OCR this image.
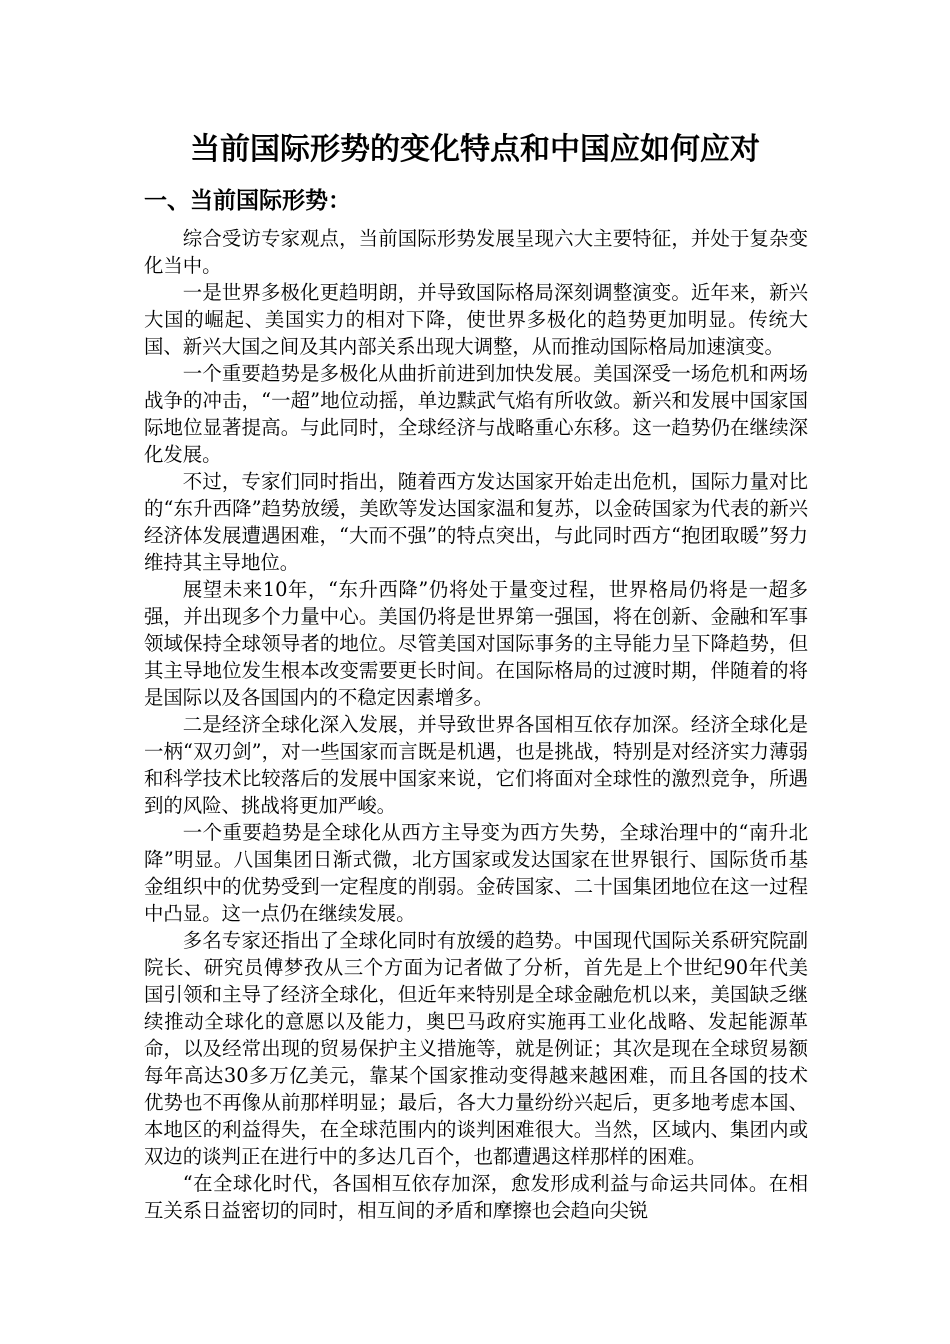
当前国际形势的变化特点和中国应如何应对
一、当前国际形势：

综合受访专家观点，当前国际形势发展呈现六大主要特征，并处于复杂变化当中。

一是世界多极化更趋明朗，并导致国际格局深刻调整演变。近年来，新兴大国的崛起、美国实力的相对下降，使世界多极化的趋势更加明显。传统大国、新兴大国之间及其内部关系出现大调整，从而推动国际格局加速演变。

一个重要趋势是多极化从曲折前进到加快发展。美国深受一场危机和两场战争的冲击，“一超”地位动摇，单边黩武气焰有所收敛。新兴和发展中国家国际地位显著提高。与此同时，全球经济与战略重心东移。这一趋势仍在继续深化发展。

不过，专家们同时指出，随着西方发达国家开始走出危机，国际力量对比的“东升西降”趋势放缓，美欧等发达国家温和复苏，以金砖国家为代表的新兴经济体发展遭遇困难，“大而不强”的特点突出，与此同时西方“抱团取暖”努力维持其主导地位。

展望未来10年，“东升西降”仍将处于量变过程，世界格局仍将是一超多强，并出现多个力量中心。美国仍将是世界第一强国，将在创新、金融和军事领域保持全球领导者的地位。尽管美国对国际事务的主导能力呈下降趋势，但其主导地位发生根本改变需要更长时间。在国际格局的过渡时期，伴随着的将是国际以及各国国内的不稳定因素增多。

二是经济全球化深入发展，并导致世界各国相互依存加深。经济全球化是一柄“双刃剑”，对一些国家而言既是机遇，也是挑战，特别是对经济实力薄弱和科学技术比较落后的发展中国家来说，它们将面对全球性的激烈竞争，所遇到的风险、挑战将更加严峻。

一个重要趋势是全球化从西方主导变为西方失势，全球治理中的“南升北降”明显。八国集团日渐式微，北方国家或发达国家在世界银行、国际货币基金组织中的优势受到一定程度的削弱。金砖国家、二十国集团地位在这一过程中凸显。这一点仍在继续发展。

多名专家还指出了全球化同时有放缓的趋势。中国现代国际关系研究院副院长、研究员傅梦孜从三个方面为记者做了分析，首先是上个世纪90年代美国引领和主导了经济全球化，但近年来特别是全球金融危机以来，美国缺乏继续推动全球化的意愿以及能力，奥巴马政府实施再工业化战略、发起能源革命，以及经常出现的贸易保护主义措施等，就是例证；其次是现在全球贸易额每年高达30多万亿美元，靠某个国家推动变得越来越困难，而且各国的技术优势也不再像从前那样明显；最后，各大力量纷纷兴起后，更多地考虑本国、本地区的利益得失，在全球范围内的谈判困难很大。当然，区域内、集团内或双边的谈判正在进行中的多达几百个，也都遭遇这样那样的困难。

“在全球化时代，各国相互依存加深，愈发形成利益与命运共同体。在相互关系日益密切的同时，相互间的矛盾和摩擦也会趋向尖锐
